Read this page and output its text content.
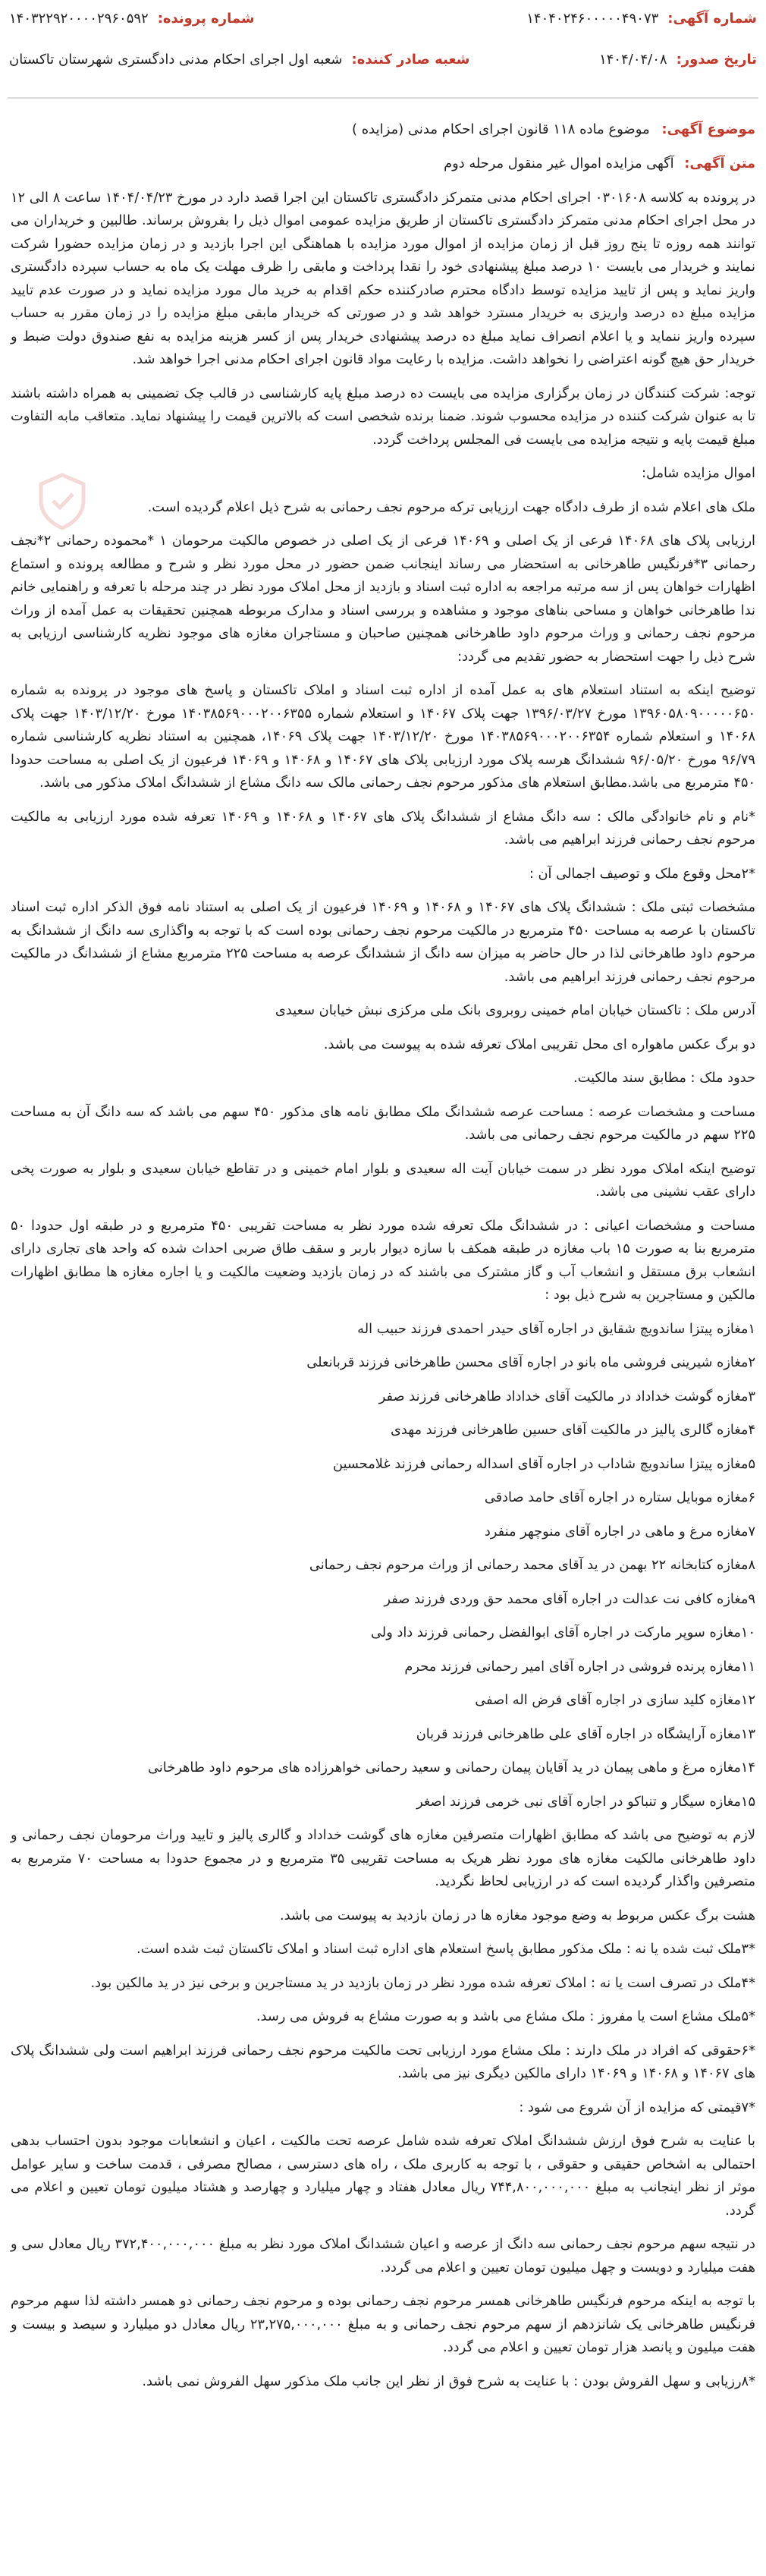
شماره آگهی:
۱۴۰۴۰۲۴۶۰۰۰۰۰۴۹۰۷۳
شماره پرونده:
۱۴۰۳۲۲۹۲۰۰۰۰۲۹۶۰۵۹۲
تاریخ صدور:
۱۴۰۴/۰۴/۰۸
شعبه صادر کننده:
شعبه اول اجرای احکام مدنی دادگستری شهرستان تاکستان
موضوع آگهی: موضوع ماده ۱۱۸ قانون اجرای احکام مدنی (مزایده )
متن آگهی: آگهی مزایده اموال غیر منقول مرحله دوم

در پرونده به کلاسه ۰۳۰۱۶۰۸ اجرای احکام مدنی متمرکز دادگستری تاکستان این اجرا قصد دارد در مورخ ۱۴۰۴/۰۴/۲۳ ساعت ۸ الی ۱۲ در محل اجرای احکام مدنی متمرکز دادگستری تاکستان از طریق مزایده عمومی اموال ذیل را بفروش برساند. طالبین و خریداران می توانند همه روزه تا پنج روز قبل از زمان مزایده از اموال مورد مزایده با هماهنگی این اجرا بازدید و در زمان مزایده حضورا شرکت نمایند و خریدار می بایست ۱۰ درصد مبلغ پیشنهادی خود را نقدا پرداخت و مابقی را ظرف مهلت یک ماه به حساب سپرده دادگستری واریز نماید و پس از تایید مزایده توسط دادگاه محترم صادرکننده حکم اقدام به خرید مال مورد مزایده نماید و در صورت عدم تایید مزایده مبلغ ده درصد واریزی به خریدار مسترد خواهد شد و در صورتی که خریدار مابقی مبلغ مزایده را در زمان مقرر به حساب سپرده واریز ننماید و یا اعلام انصراف نماید مبلغ ده درصد پیشنهادی خریدار پس از کسر هزینه مزایده به نفع صندوق دولت ضبط و خریدار حق هیچ گونه اعتراضی را نخواهد داشت. مزایده با رعایت مواد قانون اجرای احکام مدنی اجرا خواهد شد.

توجه: شرکت کنندگان در زمان برگزاری مزایده می بایست ده درصد مبلغ پایه کارشناسی در قالب چک تضمینی به همراه داشته باشند تا به عنوان شرکت کننده در مزایده محسوب شوند. ضمنا برنده شخصی است که بالاترین قیمت را پیشنهاد نماید. متعاقب مابه التفاوت مبلغ قیمت پایه و نتیجه مزایده می بایست فی المجلس پرداخت گردد.

اموال مزایده شامل:

ملک های اعلام شده از طرف دادگاه جهت ارزیابی ترکه مرحوم نجف رحمانی به شرح ذیل اعلام گردیده است.

ارزیابی پلاک های ۱۴۰۶۸ فرعی از یک اصلی و ۱۴۰۶۹ فرعی از یک اصلی در خصوص مالکیت مرحومان ۱ *محموده رحمانی ۲*نجف رحمانی ۳*فرنگیس طاهرخانی به استحضار می رساند اینجانب ضمن حضور در محل مورد نظر و شرح و مطالعه پرونده و استماع اظهارات خواهان پس از سه مرتبه مراجعه به اداره ثبت اسناد و بازدید از محل املاک مورد نظر در چند مرحله با تعرفه و راهنمایی خانم ندا طاهرخانی خواهان و مساحی بناهای موجود و مشاهده و بررسی اسناد و مدارک مربوطه همچنین تحقیقات به عمل آمده از وراث مرحوم نجف رحمانی و وراث مرحوم داود طاهرخانی همچنین صاحبان و مستاجران مغازه های موجود نظریه کارشناسی ارزیابی به شرح ذیل را جهت استحضار به حضور تقدیم می گردد:

توضیح اینکه به استناد استعلام های به عمل آمده از اداره ثبت اسناد و املاک تاکستان و پاسخ های موجود در پرونده به شماره ۱۳۹۶۰۵۸۰۹۰۰۰۰۰۶۵۰ مورخ ۱۳۹۶/۰۳/۲۷ جهت پلاک ۱۴۰۶۷ و استعلام شماره ۱۴۰۳۸۵۶۹۰۰۰۲۰۰۶۳۵۵ مورخ ۱۴۰۳/۱۲/۲۰ جهت پلاک ۱۴۰۶۸ و استعلام شماره ۱۴۰۳۸۵۶۹۰۰۰۲۰۰۶۳۵۴ مورخ ۱۴۰۳/۱۲/۲۰ جهت پلاک ۱۴۰۶۹، همچنین به استناد نظریه کارشناسی شماره ۹۶/۷۹ مورخ ۹۶/۰۵/۲۰ ششدانگ هرسه پلاک مورد ارزیابی پلاک های ۱۴۰۶۷ و ۱۴۰۶۸ و ۱۴۰۶۹ فرعیون از یک اصلی به مساحت حدودا ۴۵۰ مترمربع می باشد.مطابق استعلام های مذکور مرحوم نجف رحمانی مالک سه دانگ مشاع از ششدانگ املاک مذکور می باشد.

*نام و نام خانوادگی مالک : سه دانگ مشاع از ششدانگ پلاک های ۱۴۰۶۷ و ۱۴۰۶۸ و ۱۴۰۶۹ تعرفه شده مورد ارزیابی به مالکیت مرحوم نجف رحمانی فرزند ابراهیم می باشد.

*۲محل وقوع ملک و توصیف اجمالی آن :

مشخصات ثبتی ملک : ششدانگ پلاک های ۱۴۰۶۷ و ۱۴۰۶۸ و ۱۴۰۶۹ فرعیون از یک اصلی به استناد نامه فوق الذکر اداره ثبت اسناد تاکستان با عرصه به مساحت ۴۵۰ مترمربع در مالکیت مرحوم نجف رحمانی بوده است که با توجه به واگذاری سه دانگ از ششدانگ به مرحوم داود طاهرخانی لذا در حال حاضر به میزان سه دانگ از ششدانگ عرصه به مساحت ۲۲۵ مترمربع مشاع از ششدانگ در مالکیت مرحوم نجف رحمانی فرزند ابراهیم می باشد.

آدرس ملک : تاکستان خیابان امام خمینی روبروی بانک ملی مرکزی نبش خیابان سعیدی

دو برگ عکس ماهواره ای محل تقریبی املاک تعرفه شده به پیوست می باشد.

حدود ملک : مطابق سند مالکیت.

مساحت و مشخصات عرصه : مساحت عرصه ششدانگ ملک مطابق نامه های مذکور ۴۵۰ سهم می باشد که سه دانگ آن به مساحت ۲۲۵ سهم در مالکیت مرحوم نجف رحمانی می باشد.

توضیح اینکه املاک مورد نظر در سمت خیابان آیت اله سعیدی و بلوار امام خمینی و در تقاطع خیابان سعیدی و بلوار به صورت پخی دارای عقب نشینی می باشد.

مساحت و مشخصات اعیانی : در ششدانگ ملک تعرفه شده مورد نظر به مساحت تقریبی ۴۵۰ مترمربع و در طبقه اول حدودا ۵۰ مترمربع بنا به صورت ۱۵ باب مغازه در طبقه همکف با سازه دیوار باربر و سقف طاق ضربی احداث شده که واحد های تجاری دارای انشعاب برق مستقل و انشعاب آب و گاز مشترک می باشند که در زمان بازدید وضعیت مالکیت و یا اجاره مغازه ها مطابق اظهارات مالکین و مستاجرین به شرح ذیل بود :

۱مغازه پیتزا ساندویچ شقایق در اجاره آقای حیدر احمدی فرزند حبیب اله

۲مغازه شیرینی فروشی ماه بانو در اجاره آقای محسن طاهرخانی فرزند قربانعلی

۳مغازه گوشت خداداد در مالکیت آقای خداداد طاهرخانی فرزند صفر

۴مغازه گالری پالیز در مالکیت آقای حسین طاهرخانی فرزند مهدی

۵مغازه پیتزا ساندویچ شاداب در اجاره آقای اسداله رحمانی فرزند غلامحسین

۶مغازه موبایل ستاره در اجاره آقای حامد صادقی

۷مغازه مرغ و ماهی در اجاره آقای منوچهر منفرد

۸مغازه کتابخانه ۲۲ بهمن در ید آقای محمد رحمانی از وراث مرحوم نجف رحمانی

۹مغازه کافی نت عدالت در اجاره آقای محمد حق وردی فرزند صفر

۱۰مغازه سوپر مارکت در اجاره آقای ابوالفضل رحمانی فرزند داد ولی

۱۱مغازه پرنده فروشی در اجاره آقای امیر رحمانی فرزند محرم

۱۲مغازه کلید سازی در اجاره آقای فرض اله اصفی

۱۳مغازه آرایشگاه در اجاره آقای علی طاهرخانی فرزند قربان

۱۴مغازه مرغ و ماهی پیمان در ید آقایان پیمان رحمانی و سعید رحمانی خواهرزاده های مرحوم داود طاهرخانی

۱۵مغازه سیگار و تنباکو در اجاره آقای نبی خرمی فرزند اصغر

لازم به توضیح می باشد که مطابق اظهارات متصرفین مغازه های گوشت خداداد و گالری پالیز و تایید وراث مرحومان نجف رحمانی و داود طاهرخانی مالکیت مغازه های مورد نظر هریک به مساحت تقریبی ۳۵ مترمربع و در مجموع حدودا به مساحت ۷۰ مترمربع به متصرفین واگذار گردیده است که در ارزیابی لحاظ نگردید.

هشت برگ عکس مربوط به وضع موجود مغازه ها در زمان بازدید به پیوست می باشد.

*۳ملک ثبت شده یا نه : ملک مذکور مطابق پاسخ استعلام های اداره ثبت اسناد و املاک تاکستان ثبت شده است.

*۴ملک در تصرف است یا نه : املاک تعرفه شده مورد نظر در زمان بازدید در ید مستاجرین و برخی نیز در ید مالکین بود.

*۵ملک مشاع است یا مفروز : ملک مشاع می باشد و به صورت مشاع به فروش می رسد.

*۶حقوقی که افراد در ملک دارند : ملک مشاع مورد ارزیابی تحت مالکیت مرحوم نجف رحمانی فرزند ابراهیم است ولی ششدانگ پلاک های ۱۴۰۶۷ و ۱۴۰۶۸ و ۱۴۰۶۹ دارای مالکین دیگری نیز می باشد.

*۷قیمتی که مزایده از آن شروع می شود :

با عنایت به شرح فوق ارزش ششدانگ املاک تعرفه شده شامل عرصه تحت مالکیت ، اعیان و انشعابات موجود بدون احتساب بدهی احتمالی به اشخاص حقیقی و حقوقی ، با توجه به کاربری ملک ، راه های دسترسی ، مصالح مصرفی ، قدمت ساخت و سایر عوامل موثر از نظر اینجانب به مبلغ ۷۴۴,۸۰۰,۰۰۰,۰۰۰ ریال معادل هفتاد و چهار میلیارد و چهارصد و هشتاد میلیون تومان تعیین و اعلام می گردد.

در نتیجه سهم مرحوم نجف رحمانی سه دانگ از عرصه و اعیان ششدانگ املاک مورد نظر به مبلغ ۳۷۲,۴۰۰,۰۰۰,۰۰۰ ریال معادل سی و هفت میلیارد و دویست و چهل میلیون تومان تعیین و اعلام می گردد.

با توجه به اینکه مرحوم فرنگیس طاهرخانی همسر مرحوم نجف رحمانی بوده و مرحوم نجف رحمانی دو همسر داشته لذا سهم مرحوم فرنگیس طاهرخانی یک شانزدهم از سهم مرحوم نجف رحمانی و به مبلغ ۲۳,۲۷۵,۰۰۰,۰۰۰ ریال معادل دو میلیارد و سیصد و بیست و هفت میلیون و پانصد هزار تومان تعیین و اعلام می گردد.

*۸رزیابی و سهل الفروش بودن : با عنایت به شرح فوق از نظر این جانب ملک مذکور سهل الفروش نمی باشد.
